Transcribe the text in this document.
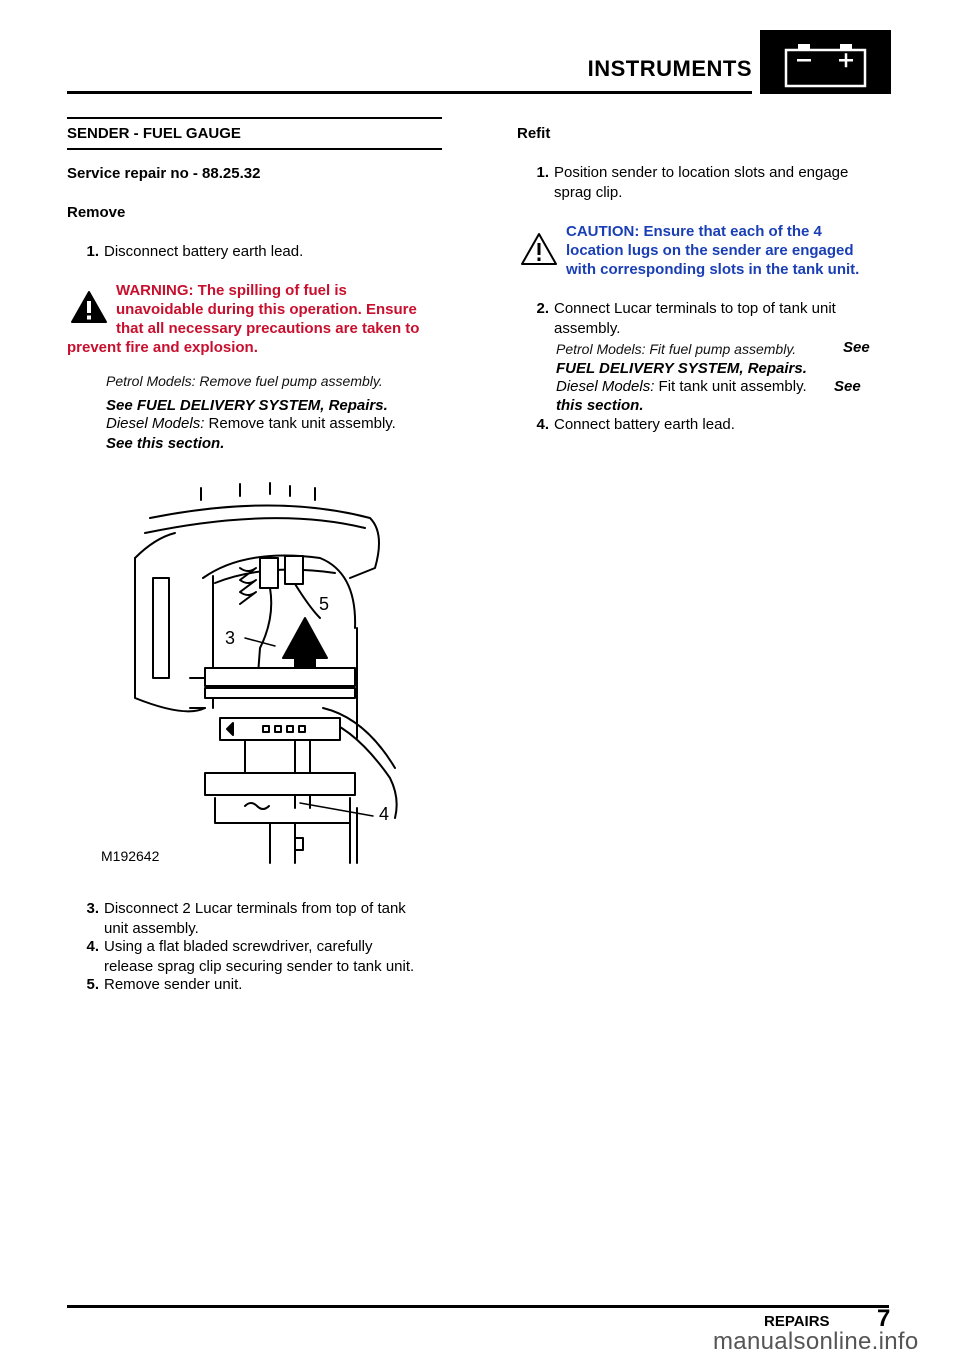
INSTRUMENTS
SENDER - FUEL GAUGE
Service repair no - 88.25.32
Remove
1. Disconnect battery earth lead.
WARNING: The spilling of fuel is
unavoidable during this operation. Ensure
that all necessary precautions are taken to
prevent fire and explosion.
Petrol Models: Remove fuel pump assembly.
See FUEL DELIVERY SYSTEM, Repairs.
Diesel Models: Remove tank unit assembly.
See this section.
3
5
4
M192642
3. Disconnect 2 Lucar terminals from top of tank
unit assembly.
4. Using a flat bladed screwdriver, carefully
release sprag clip securing sender to tank unit.
5. Remove sender unit.
Refit
1. Position sender to location slots and engage
sprag clip.
CAUTION: Ensure that each of the 4
location lugs on the sender are engaged
with corresponding slots in the tank unit.
2. Connect Lucar terminals to top of tank unit
assembly.
Petrol Models: Fit fuel pump assembly.	See
FUEL DELIVERY SYSTEM, Repairs.
Diesel Models: Fit tank unit assembly.	See
this section.
4. Connect battery earth lead.
REPAIRS 7
manualsonline.info
